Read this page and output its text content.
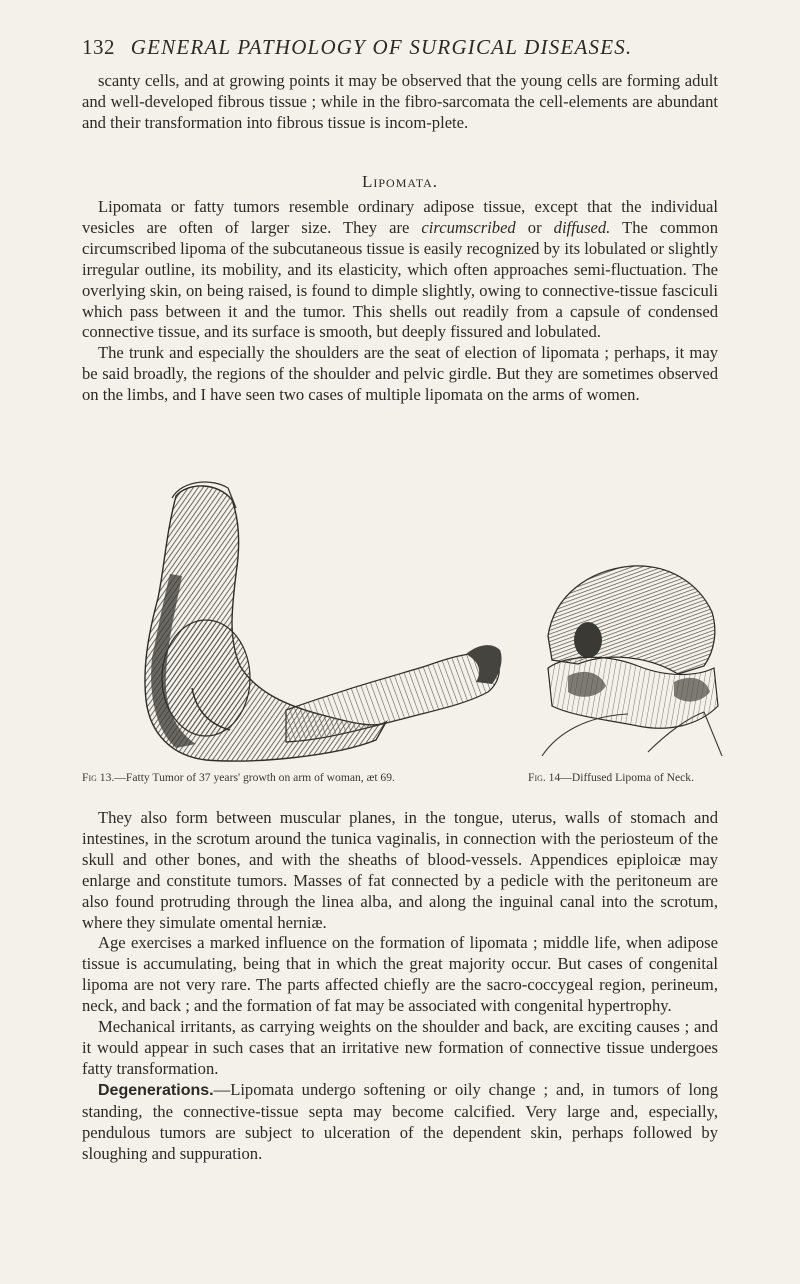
132 GENERAL PATHOLOGY OF SURGICAL DISEASES.

scanty cells, and at growing points it may be observed that the young cells are forming adult and well-developed fibrous tissue ; while in the fibro-sarcomata the cell-elements are abundant and their transformation into fibrous tissue is incom-plete.

Lipomata.

Lipomata or fatty tumors resemble ordinary adipose tissue, except that the individual vesicles are often of larger size. They are circumscribed or diffused. The common circumscribed lipoma of the subcutaneous tissue is easily recognized by its lobulated or slightly irregular outline, its mobility, and its elasticity, which often approaches semi-fluctuation. The overlying skin, on being raised, is found to dimple slightly, owing to connective-tissue fasciculi which pass between it and the tumor. This shells out readily from a capsule of condensed connective tissue, and its surface is smooth, but deeply fissured and lobulated.

The trunk and especially the shoulders are the seat of election of lipomata ; perhaps, it may be said broadly, the regions of the shoulder and pelvic girdle. But they are sometimes observed on the limbs, and I have seen two cases of multiple lipomata on the arms of women.

Fig 13.—Fatty Tumor of 37 years' growth on arm of woman, æt 69.	Fig. 14—Diffused Lipoma of Neck.

They also form between muscular planes, in the tongue, uterus, walls of stomach and intestines, in the scrotum around the tunica vaginalis, in connection with the periosteum of the skull and other bones, and with the sheaths of blood-vessels. Appendices epiploicæ may enlarge and constitute tumors. Masses of fat connected by a pedicle with the peritoneum are also found protruding through the linea alba, and along the inguinal canal into the scrotum, where they simulate omental herniæ.

Age exercises a marked influence on the formation of lipomata ; middle life, when adipose tissue is accumulating, being that in which the great majority occur. But cases of congenital lipoma are not very rare. The parts affected chiefly are the sacro-coccygeal region, perineum, neck, and back ; and the formation of fat may be associated with congenital hypertrophy.

Mechanical irritants, as carrying weights on the shoulder and back, are exciting causes ; and it would appear in such cases that an irritative new formation of connective tissue undergoes fatty transformation.

Degenerations.—Lipomata undergo softening or oily change ; and, in tumors of long standing, the connective-tissue septa may become calcified. Very large and, especially, pendulous tumors are subject to ulceration of the dependent skin, perhaps followed by sloughing and suppuration.
